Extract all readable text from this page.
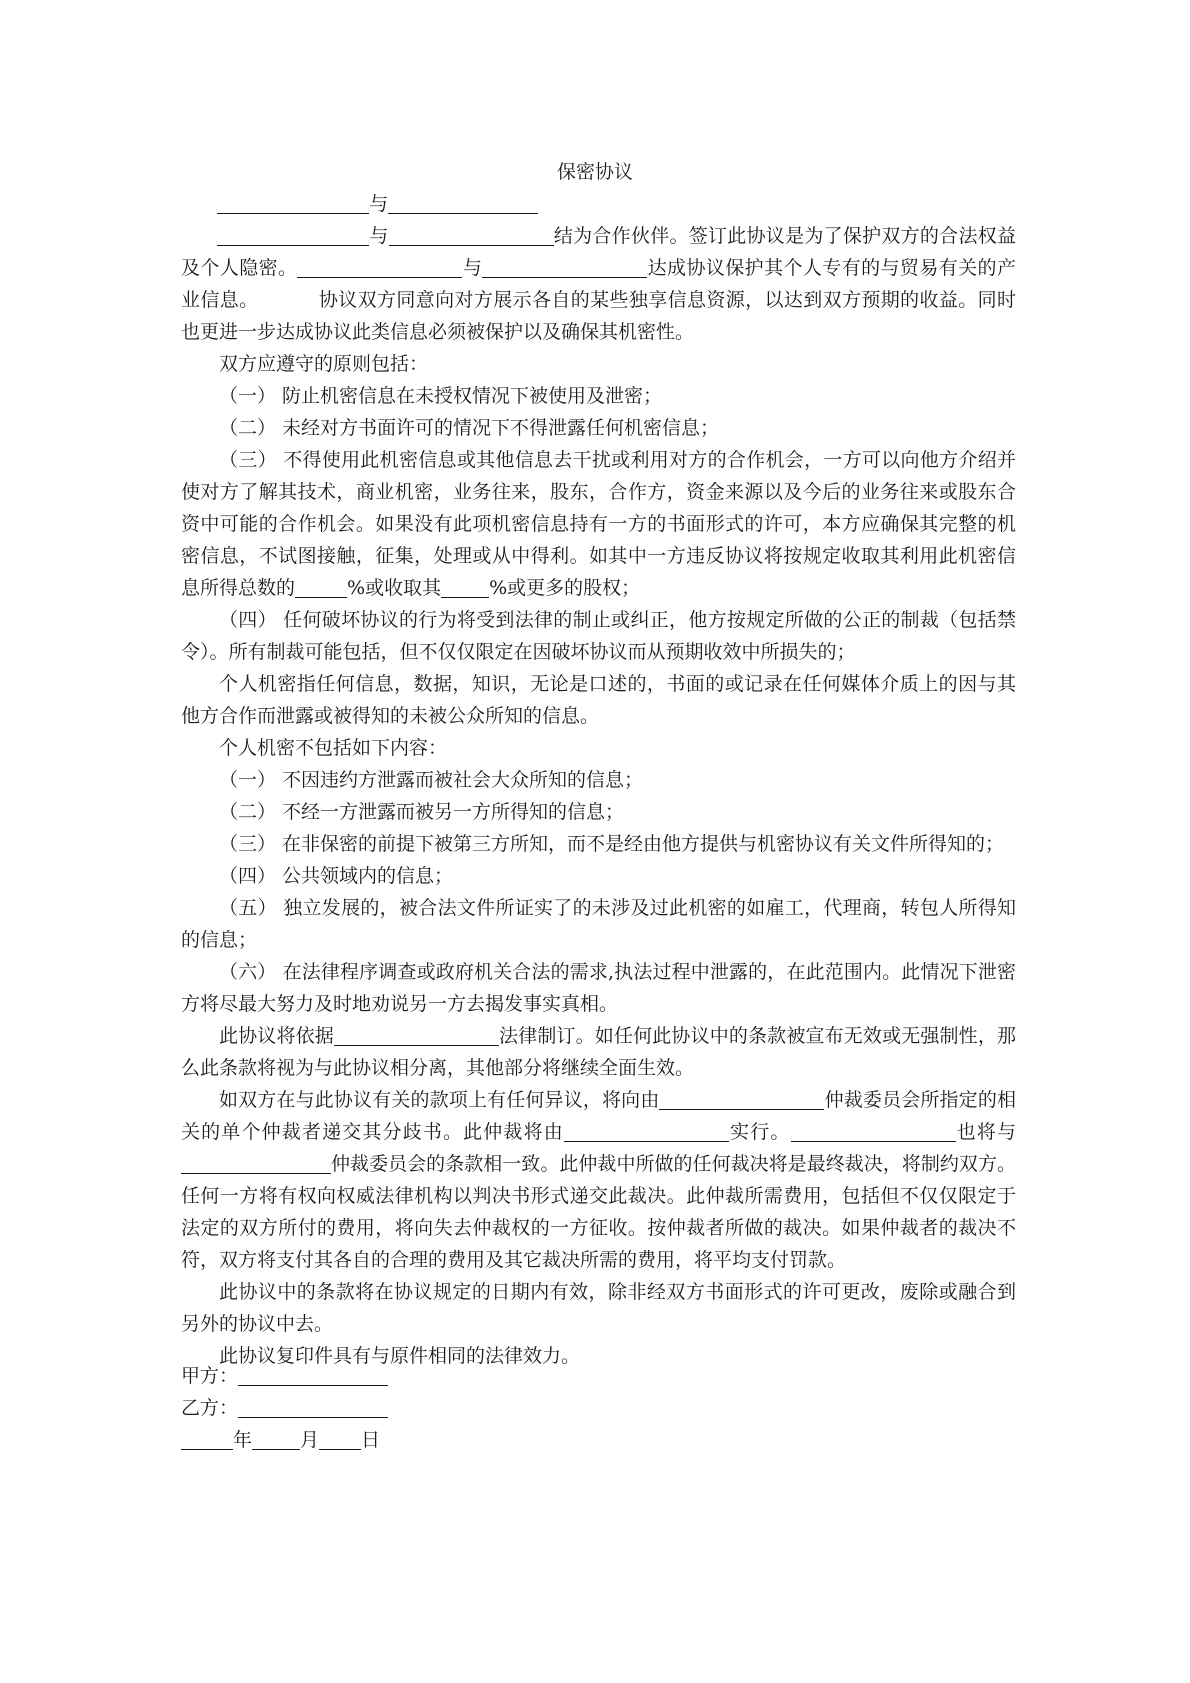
保密协议

与

与	结为合作伙伴。签订此协议是为了保护双方的合法权益及个人隐密。	与	达成协议保护其个人专有的与贸易有关的产业信息。	协议双方同意向对方展示各自的某些独享信息资源，以达到双方预期的收益。同时也更进一步达成协议此类信息必须被保护以及确保其机密性。

双方应遵守的原则包括：

（一） 防止机密信息在未授权情况下被使用及泄密；

（二） 未经对方书面许可的情况下不得泄露任何机密信息；

（三） 不得使用此机密信息或其他信息去干扰或利用对方的合作机会，一方可以向他方介绍并使对方了解其技术，商业机密，业务往来，股东，合作方，资金来源以及今后的业务往来或股东合资中可能的合作机会。如果没有此项机密信息持有一方的书面形式的许可，本方应确保其完整的机密信息，不试图接触，征集，处理或从中得利。如其中一方违反协议将按规定收取其利用此机密信息所得总数的	%或收取其	%或更多的股权；

（四） 任何破坏协议的行为将受到法律的制止或纠正，他方按规定所做的公正的制裁（包括禁令）。所有制裁可能包括，但不仅仅限定在因破坏协议而从预期收效中所损失的；

个人机密指任何信息，数据，知识，无论是口述的，书面的或记录在任何媒体介质上的因与其他方合作而泄露或被得知的未被公众所知的信息。

个人机密不包括如下内容：

（一） 不因违约方泄露而被社会大众所知的信息；

（二） 不经一方泄露而被另一方所得知的信息；

（三） 在非保密的前提下被第三方所知，而不是经由他方提供与机密协议有关文件所得知的；

（四） 公共领域内的信息；

（五） 独立发展的，被合法文件所证实了的未涉及过此机密的如雇工，代理商，转包人所得知的信息；

（六） 在法律程序调查或政府机关合法的需求,执法过程中泄露的，在此范围内。此情况下泄密方将尽最大努力及时地劝说另一方去揭发事实真相。

此协议将依据	法律制订。如任何此协议中的条款被宣布无效或无强制性，那么此条款将视为与此协议相分离，其他部分将继续全面生效。

如双方在与此协议有关的款项上有任何异议，将向由	仲裁委员会所指定的相关的单个仲裁者递交其分歧书。此仲裁将由	实行。	也将与仲裁委员会的条款相一致。此仲裁中所做的任何裁决将是最终裁决，将制约双方。任何一方将有权向权威法律机构以判决书形式递交此裁决。此仲裁所需费用，包括但不仅仅限定于法定的双方所付的费用，将向失去仲裁权的一方征收。按仲裁者所做的裁决。如果仲裁者的裁决不符，双方将支付其各自的合理的费用及其它裁决所需的费用，将平均支付罚款。

此协议中的条款将在协议规定的日期内有效，除非经双方书面形式的许可更改，废除或融合到另外的协议中去。

此协议复印件具有与原件相同的法律效力。

甲方：
乙方：
年	月 日
